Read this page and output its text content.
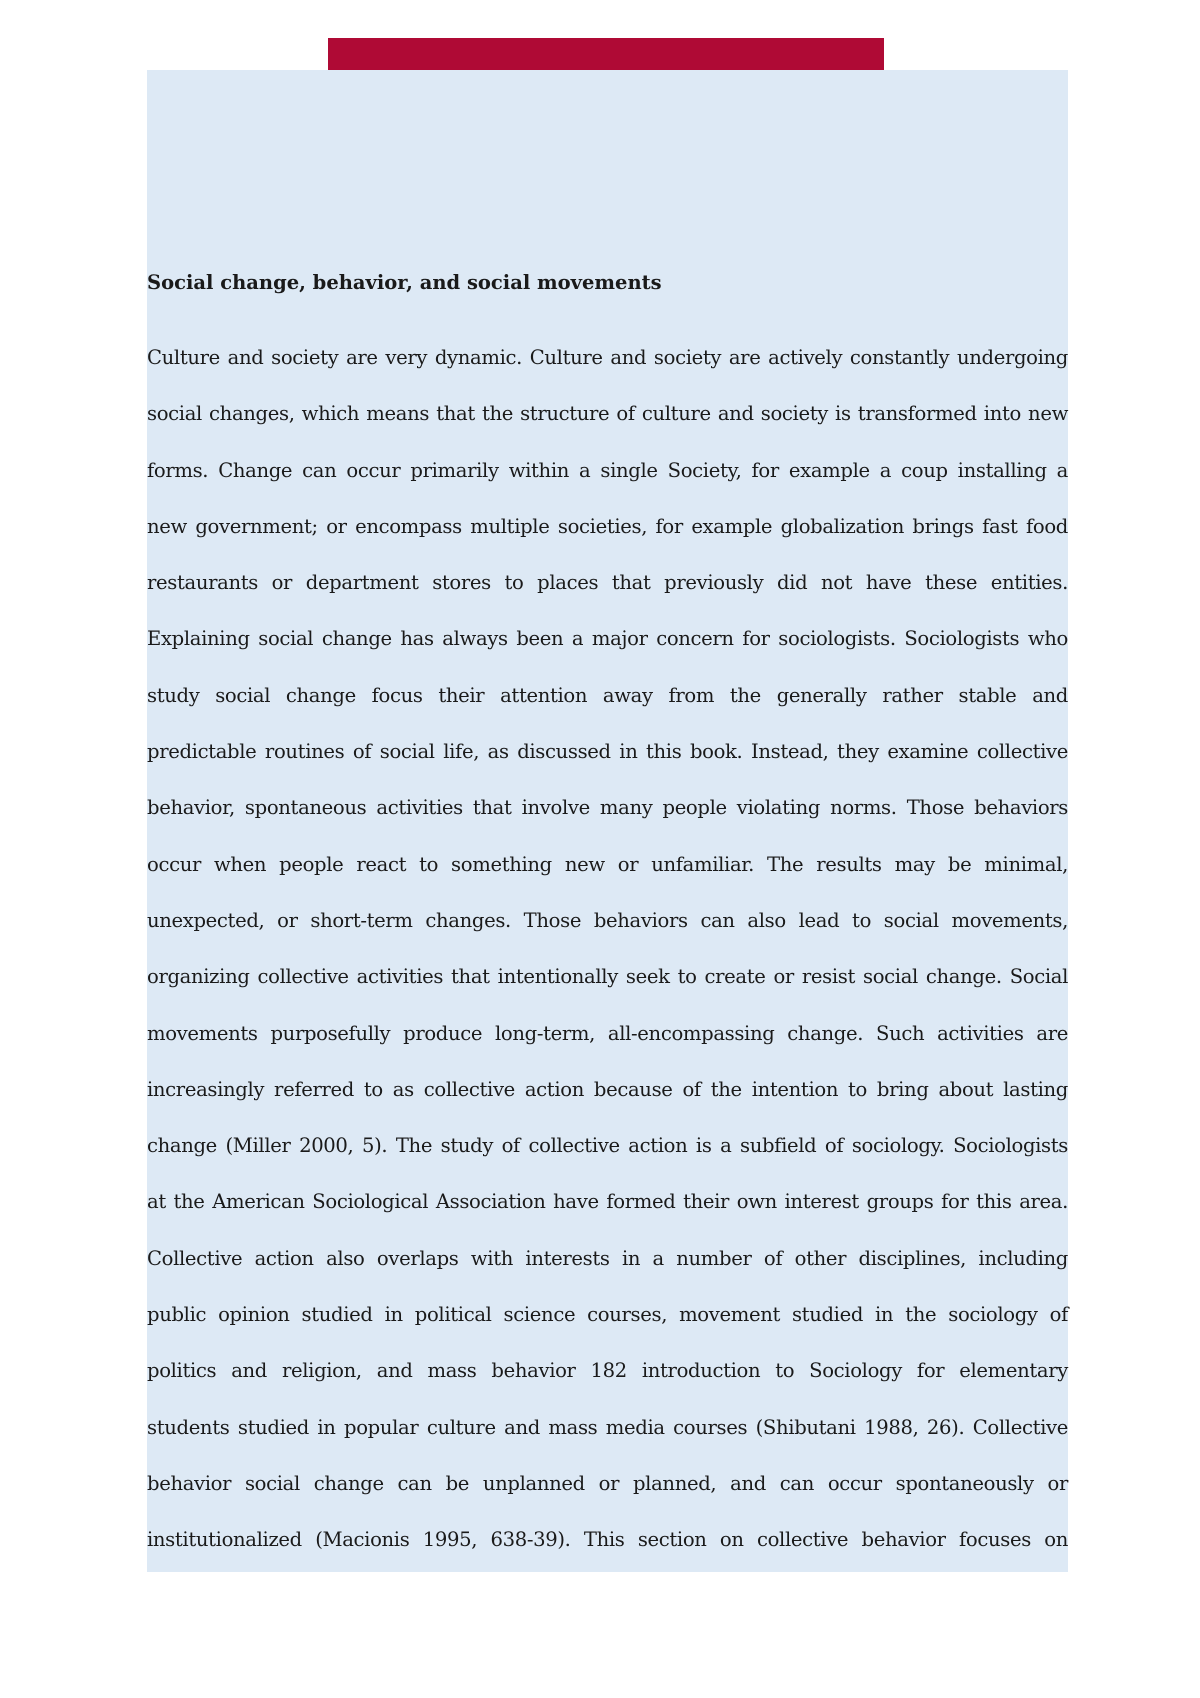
Social change, behavior, and social movements
Culture and society are very dynamic. Culture and society are actively constantly undergoing
social changes, which means that the structure of culture and society is transformed into new
forms. Change can occur primarily within a single Society, for example a coup installing a
new government; or encompass multiple societies, for example globalization brings fast food
restaurants or department stores to places that previously did not have these entities.
Explaining social change has always been a major concern for sociologists. Sociologists who
study social change focus their attention away from the generally rather stable and
predictable routines of social life, as discussed in this book. Instead, they examine collective
behavior, spontaneous activities that involve many people violating norms. Those behaviors
occur when people react to something new or unfamiliar. The results may be minimal,
unexpected, or short-term changes. Those behaviors can also lead to social movements,
organizing collective activities that intentionally seek to create or resist social change. Social
movements purposefully produce long-term, all-encompassing change. Such activities are
increasingly referred to as collective action because of the intention to bring about lasting
change (Miller 2000, 5). The study of collective action is a subfield of sociology. Sociologists
at the American Sociological Association have formed their own interest groups for this area.
Collective action also overlaps with interests in a number of other disciplines, including
public opinion studied in political science courses, movement studied in the sociology of
politics and religion, and mass behavior 182 introduction to Sociology for elementary
students studied in popular culture and mass media courses (Shibutani 1988, 26). Collective
behavior social change can be unplanned or planned, and can occur spontaneously or
institutionalized (Macionis 1995, 638-39). This section on collective behavior focuses on
